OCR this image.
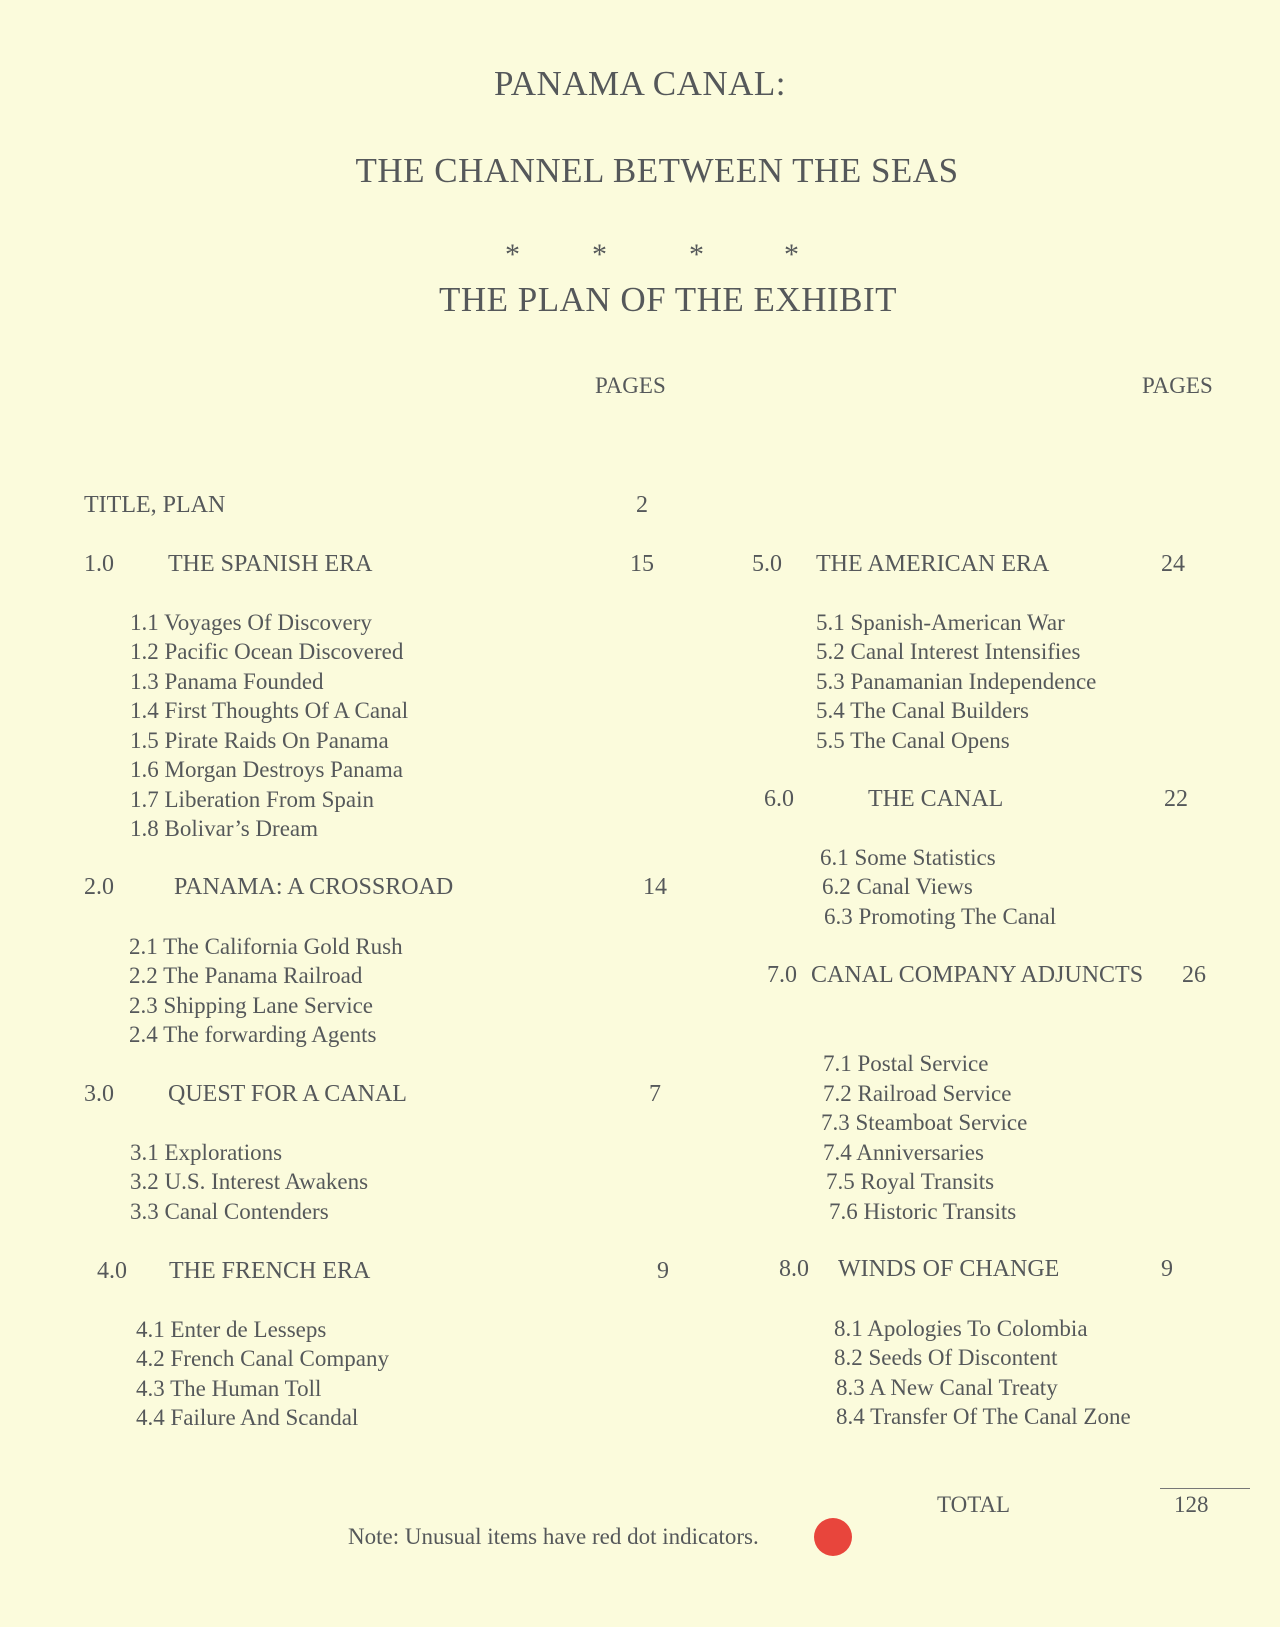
PANAMA CANAL:
THE CHANNEL BETWEEN THE SEAS
* *	*	*
THE PLAN OF THE EXHIBIT
PAGES	PAGES
TITLE, PLAN	2
1.0 THE SPANISH ERA	15
1.1 Voyages Of Discovery
1.2 Pacific Ocean Discovered
1.3 Panama Founded
1.4 First Thoughts Of A Canal
1.5 Pirate Raids On Panama
1.6 Morgan Destroys Panama
1.7 Liberation From Spain
1.8 Bolivar’s Dream
2.0	PANAMA: A CROSSROAD	14
2.1 The California Gold Rush
2.2 The Panama Railroad
2.3 Shipping Lane Service
2.4 The forwarding Agents
3.0 QUEST FOR A CANAL	7
3.1 Explorations
3.2 U.S. Interest Awakens
3.3 Canal Contenders
4.0 THE FRENCH ERA	9
4.1 Enter de Lesseps
4.2 French Canal Company
4.3 The Human Toll
4.4 Failure And Scandal
5.0 THE AMERICAN ERA	24
5.1 Spanish-American War
5.2 Canal Interest Intensifies
5.3 Panamanian Independence
5.4 The Canal Builders
5.5 The Canal Opens
6.0	THE CANAL	22
6.1 Some Statistics
6.2 Canal Views
6.3 Promoting The Canal
7.0 CANAL COMPANY ADJUNCTS 26
7.1 Postal Service
7.2 Railroad Service
7.3 Steamboat Service
7.4 Anniversaries
7.5 Royal Transits
7.6 Historic Transits
8.0 WINDS OF CHANGE	9
8.1 Apologies To Colombia
8.2 Seeds Of Discontent
8.3 A New Canal Treaty
8.4 Transfer Of The Canal Zone
TOTAL	128
Note: Unusual items have red dot indicators.
